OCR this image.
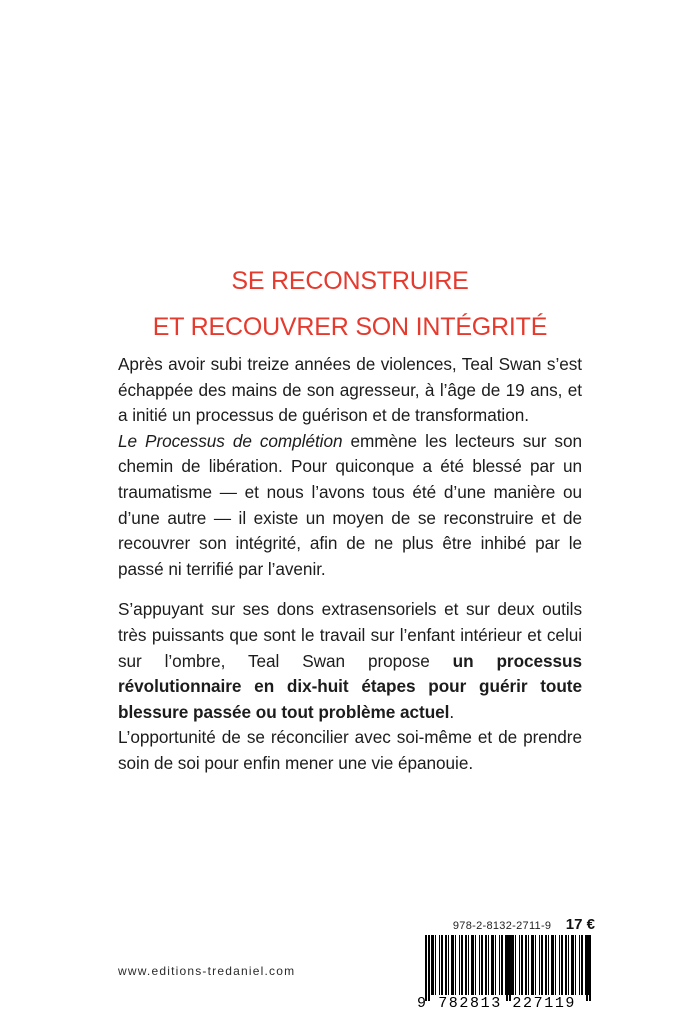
SE RECONSTRUIRE
ET RECOUVRER SON INTÉGRITÉ

Après avoir subi treize années de violences, Teal Swan s’est échappée des mains de son agresseur, à l’âge de 19 ans, et a initié un processus de guérison et de transformation.

Le Processus de complétion emmène les lecteurs sur son chemin de libération. Pour quiconque a été blessé par un traumatisme — et nous l’avons tous été d’une manière ou d’une autre — il existe un moyen de se reconstruire et de recouvrer son intégrité, afin de ne plus être inhibé par le passé ni terrifié par l’avenir.

S’appuyant sur ses dons extrasensoriels et sur deux outils très puissants que sont le travail sur l’enfant intérieur et celui sur l’ombre, Teal Swan propose un processus révolutionnaire en dix-huit étapes pour guérir toute blessure passée ou tout problème actuel.

L’opportunité de se réconcilier avec soi-même et de prendre soin de soi pour enfin mener une vie épanouie.

978-2-8132-2711-9 17 €
9 782813 227119
www.editions-tredaniel.com
